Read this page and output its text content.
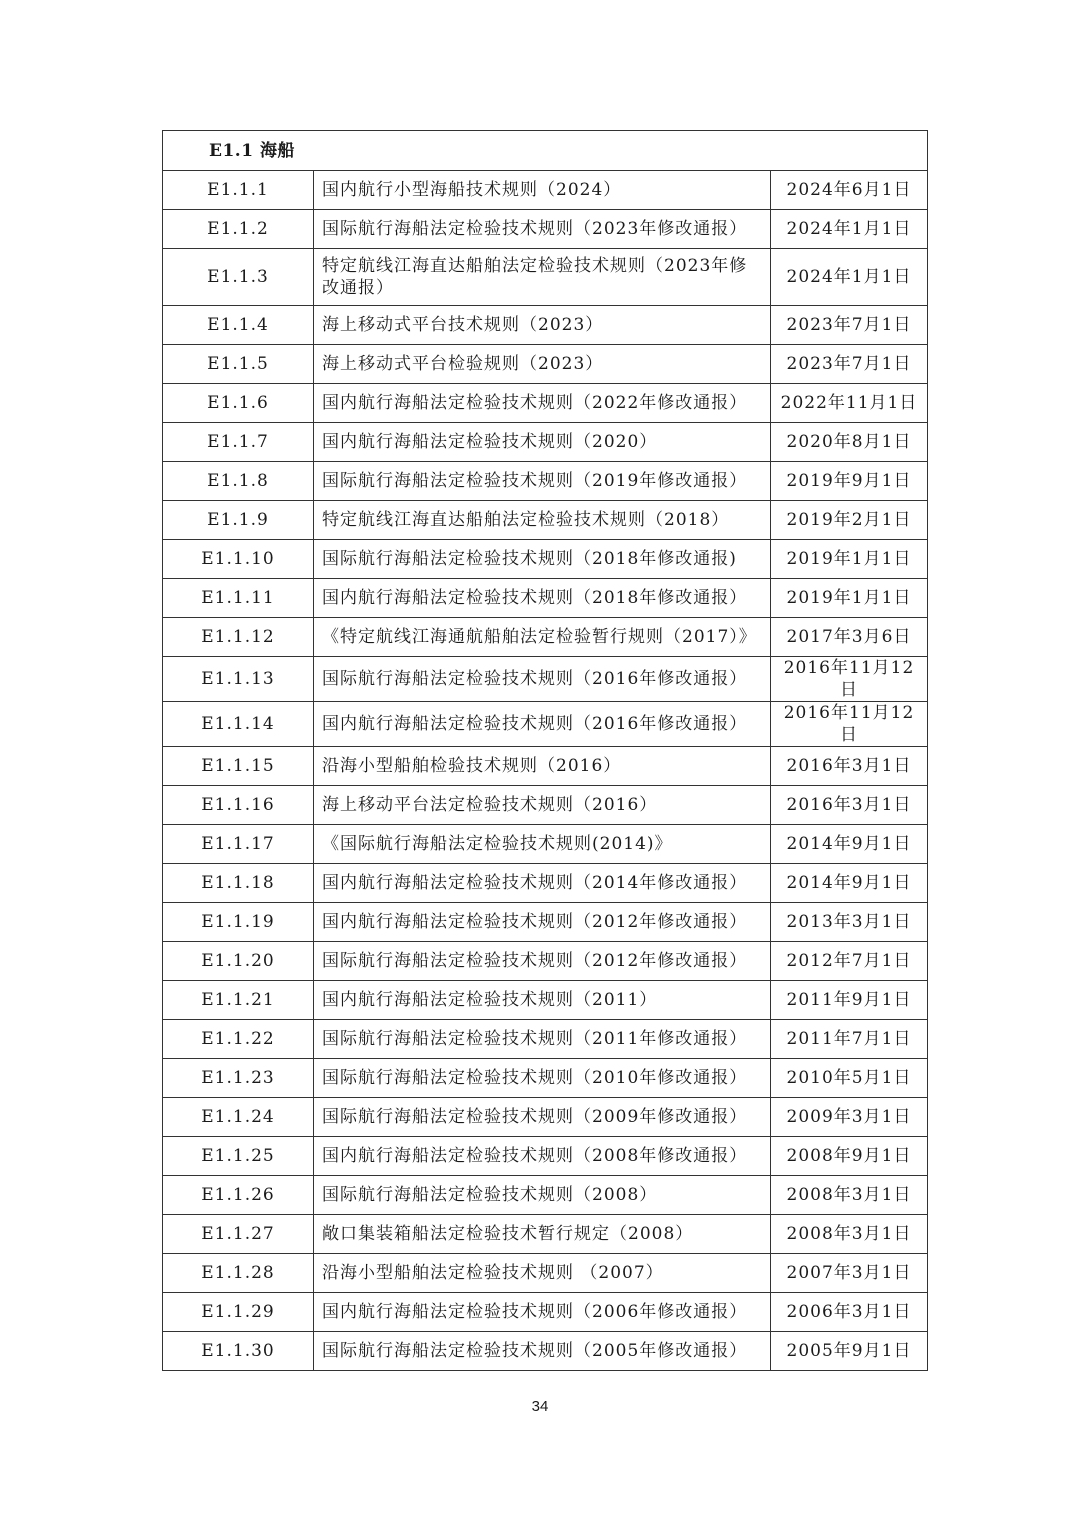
E1.1 海船		
E1.1.1	国内航行小型海船技术规则（2024）	2024年6月1日
E1.1.2	国际航行海船法定检验技术规则（2023年修改通报）	2024年1月1日
E1.1.3	特定航线江海直达船舶法定检验技术规则（2023年修改通报）	2024年1月1日
E1.1.4	海上移动式平台技术规则（2023）	2023年7月1日
E1.1.5	海上移动式平台检验规则（2023）	2023年7月1日
E1.1.6	国内航行海船法定检验技术规则（2022年修改通报）	2022年11月1日
E1.1.7	国内航行海船法定检验技术规则（2020）	2020年8月1日
E1.1.8	国际航行海船法定检验技术规则（2019年修改通报）	2019年9月1日
E1.1.9	特定航线江海直达船舶法定检验技术规则（2018）	2019年2月1日
E1.1.10	国际航行海船法定检验技术规则（2018年修改通报)	2019年1月1日
E1.1.11	国内航行海船法定检验技术规则（2018年修改通报）	2019年1月1日
E1.1.12	《特定航线江海通航船舶法定检验暂行规则（2017）》	2017年3月6日
E1.1.13	国际航行海船法定检验技术规则（2016年修改通报）	2016年11月12日
E1.1.14	国内航行海船法定检验技术规则（2016年修改通报）	2016年11月12日
E1.1.15	沿海小型船舶检验技术规则（2016）	2016年3月1日
E1.1.16	海上移动平台法定检验技术规则（2016）	2016年3月1日
E1.1.17	《国际航行海船法定检验技术规则(2014)》	2014年9月1日
E1.1.18	国内航行海船法定检验技术规则（2014年修改通报）	2014年9月1日
E1.1.19	国内航行海船法定检验技术规则（2012年修改通报）	2013年3月1日
E1.1.20	国际航行海船法定检验技术规则（2012年修改通报）	2012年7月1日
E1.1.21	国内航行海船法定检验技术规则（2011）	2011年9月1日
E1.1.22	国际航行海船法定检验技术规则（2011年修改通报）	2011年7月1日
E1.1.23	国际航行海船法定检验技术规则（2010年修改通报）	2010年5月1日
E1.1.24	国际航行海船法定检验技术规则（2009年修改通报）	2009年3月1日
E1.1.25	国内航行海船法定检验技术规则（2008年修改通报）	2008年9月1日
E1.1.26	国际航行海船法定检验技术规则（2008）	2008年3月1日
E1.1.27	敞口集装箱船法定检验技术暂行规定（2008）	2008年3月1日
E1.1.28	沿海小型船舶法定检验技术规则 （2007）	2007年3月1日
E1.1.29	国内航行海船法定检验技术规则（2006年修改通报）	2006年3月1日
E1.1.30	国际航行海船法定检验技术规则（2005年修改通报）	2005年9月1日
34
